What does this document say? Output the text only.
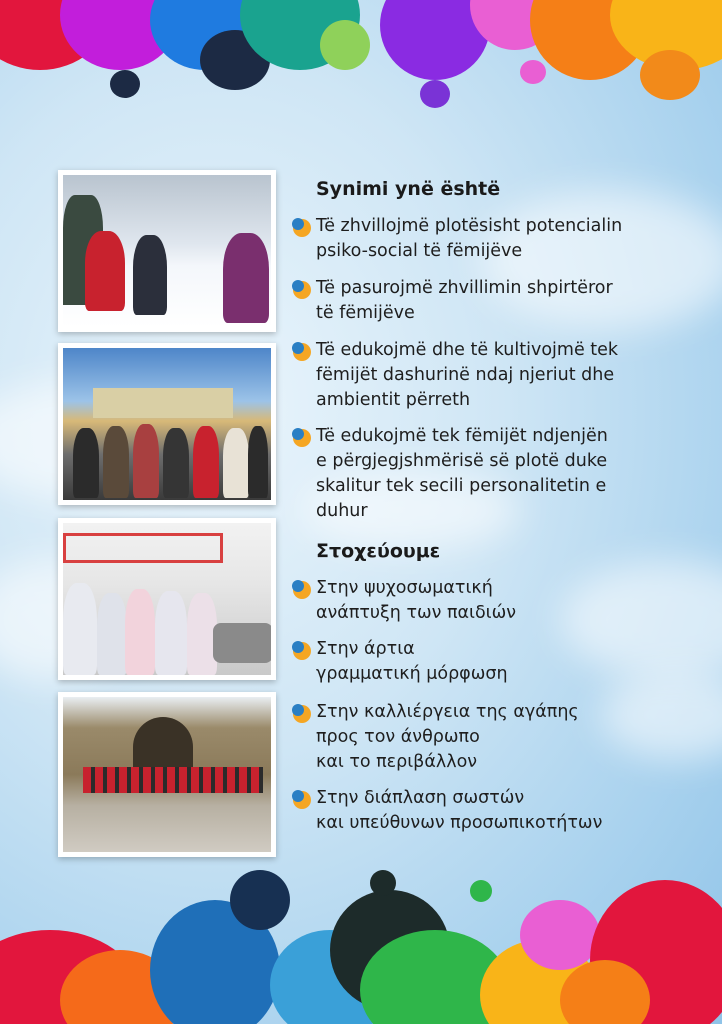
Synimi ynë është
Të zhvillojmë plotësisht potencialin
psiko-social të fëmijëve
Të pasurojmë zhvillimin shpirtëror
të fëmijëve
Të edukojmë dhe të kultivojmë tek
fëmijët dashurinë ndaj njeriut dhe
ambientit përreth
Të edukojmë tek fëmijët ndjenjën
e përgjegjshmërisë së plotë duke
skalitur tek secili personalitetin e duhur
Στοχεύουμε
Στην ψυχοσωματική
ανάπτυξη των παιδιών
Στην άρτια
γραμματική μόρφωση
Στην καλλιέργεια της αγάπης
προς τον άνθρωπο
και το περιβάλλον
Στην διάπλαση σωστών
και υπεύθυνων προσωπικοτήτων
